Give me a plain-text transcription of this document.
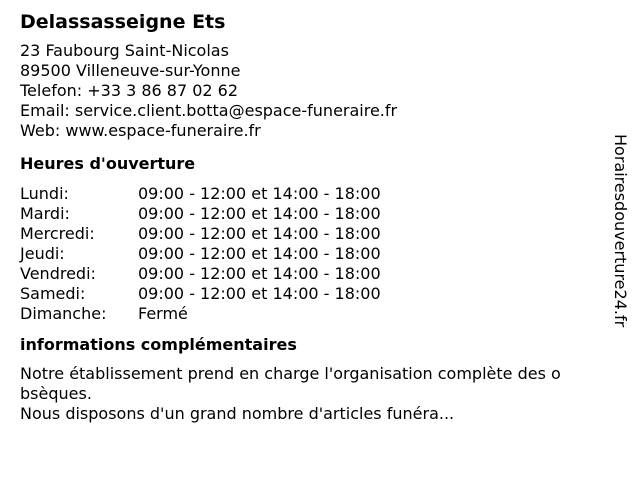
Delassasseigne Ets
23 Faubourg Saint-Nicolas
89500 Villeneuve-sur-Yonne
Telefon: +33 3 86 87 02 62
Email: service.client.botta@espace-funeraire.fr
Web: www.espace-funeraire.fr
Heures d'ouverture
Lundi:	09:00 - 12:00 et 14:00 - 18:00
Mardi:	09:00 - 12:00 et 14:00 - 18:00
Mercredi:	09:00 - 12:00 et 14:00 - 18:00
Jeudi:	09:00 - 12:00 et 14:00 - 18:00
Vendredi:	09:00 - 12:00 et 14:00 - 18:00
Samedi:	09:00 - 12:00 et 14:00 - 18:00
Dimanche:	Fermé
informations complémentaires
Notre établissement prend en charge l'organisation complète des o
bsèques.
Nous disposons d'un grand nombre d'articles funéra...
Horairesdouverture24.fr
